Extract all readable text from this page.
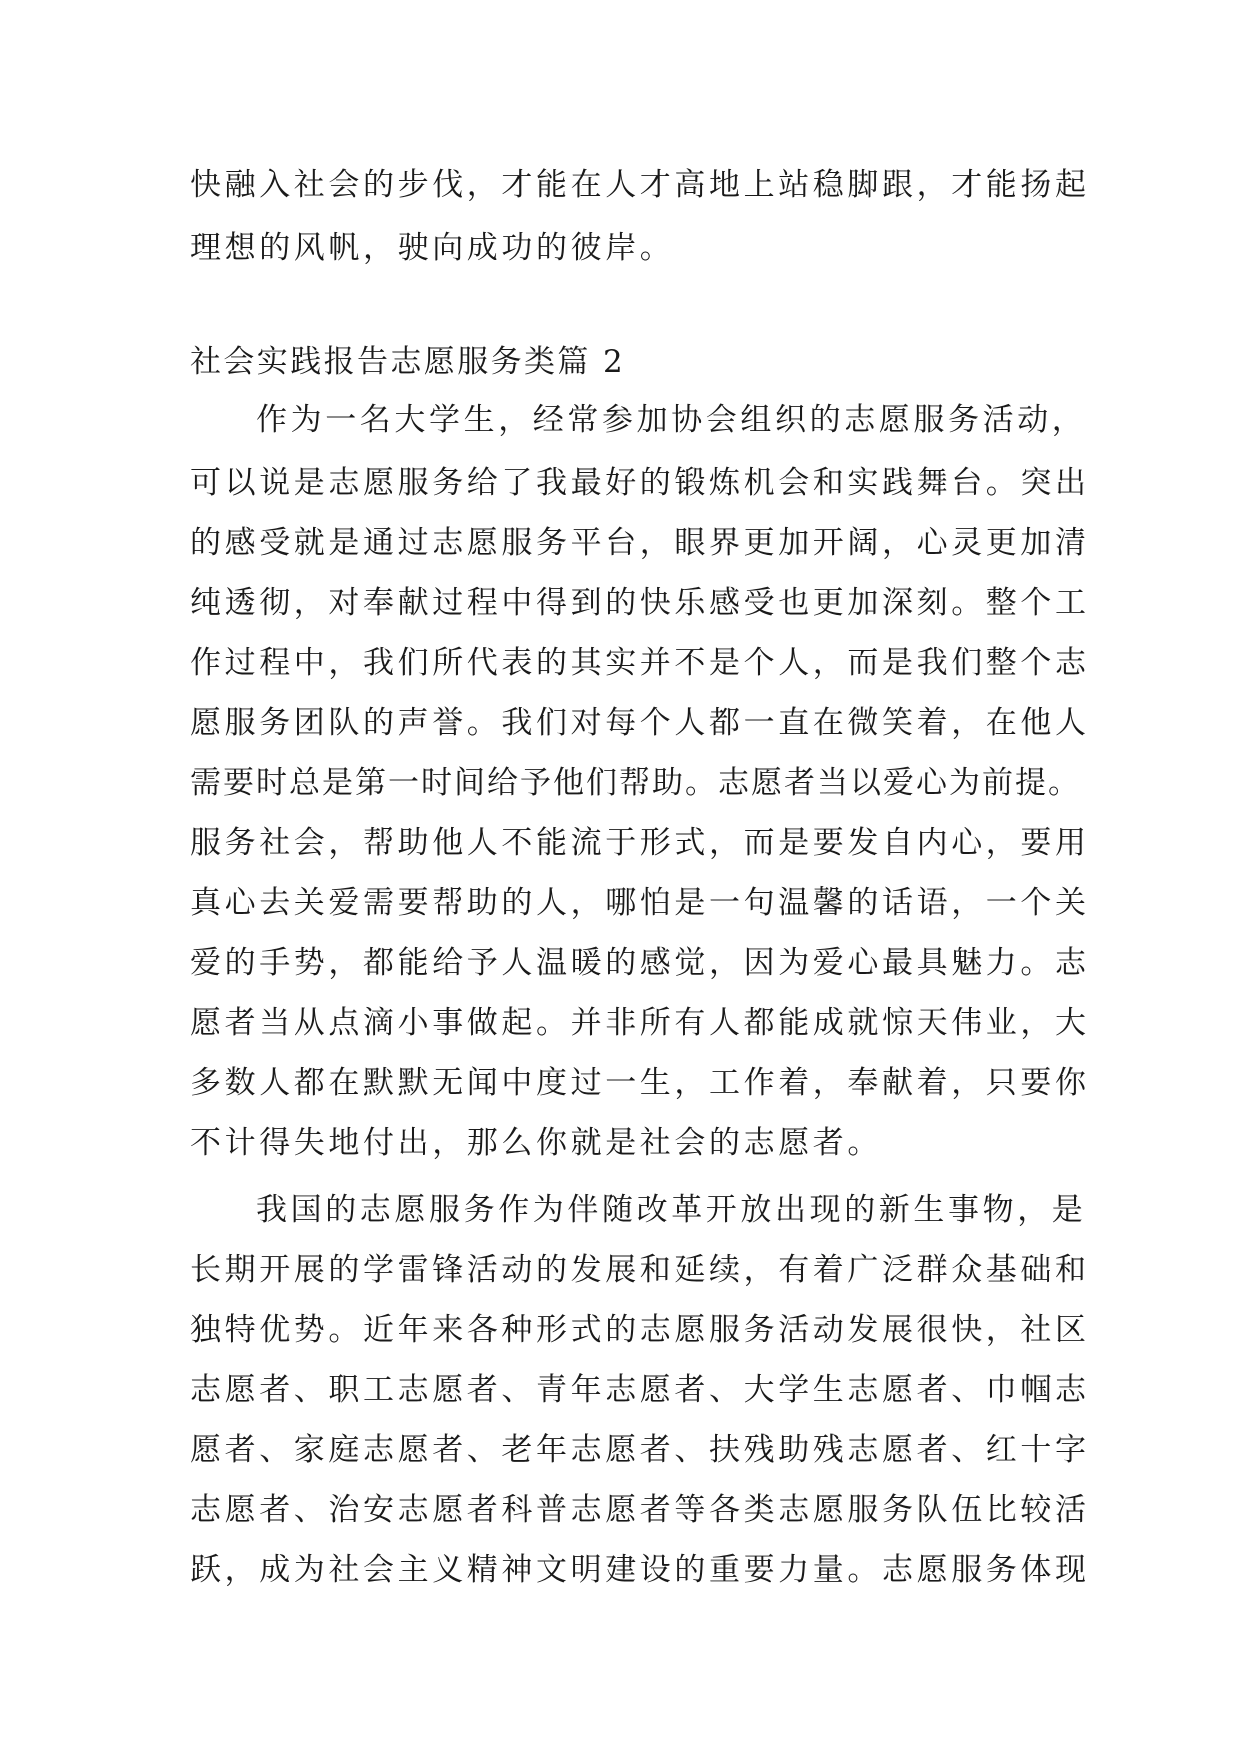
快融入社会的步伐，才能在人才高地上站稳脚跟，才能扬起
理想的风帆，驶向成功的彼岸。
社会实践报告志愿服务类篇 2
作为一名大学生，经常参加协会组织的志愿服务活动，
可以说是志愿服务给了我最好的锻炼机会和实践舞台。突出
的感受就是通过志愿服务平台，眼界更加开阔，心灵更加清
纯透彻，对奉献过程中得到的快乐感受也更加深刻。整个工
作过程中，我们所代表的其实并不是个人，而是我们整个志
愿服务团队的声誉。我们对每个人都一直在微笑着，在他人
需要时总是第一时间给予他们帮助。志愿者当以爱心为前提。
服务社会，帮助他人不能流于形式，而是要发自内心，要用
真心去关爱需要帮助的人，哪怕是一句温馨的话语，一个关
爱的手势，都能给予人温暖的感觉，因为爱心最具魅力。志
愿者当从点滴小事做起。并非所有人都能成就惊天伟业，大
多数人都在默默无闻中度过一生，工作着，奉献着，只要你
不计得失地付出，那么你就是社会的志愿者。
我国的志愿服务作为伴随改革开放出现的新生事物，是
长期开展的学雷锋活动的发展和延续，有着广泛群众基础和
独特优势。近年来各种形式的志愿服务活动发展很快，社区
志愿者、职工志愿者、青年志愿者、大学生志愿者、巾帼志
愿者、家庭志愿者、老年志愿者、扶残助残志愿者、红十字
志愿者、治安志愿者科普志愿者等各类志愿服务队伍比较活
跃，成为社会主义精神文明建设的重要力量。志愿服务体现
